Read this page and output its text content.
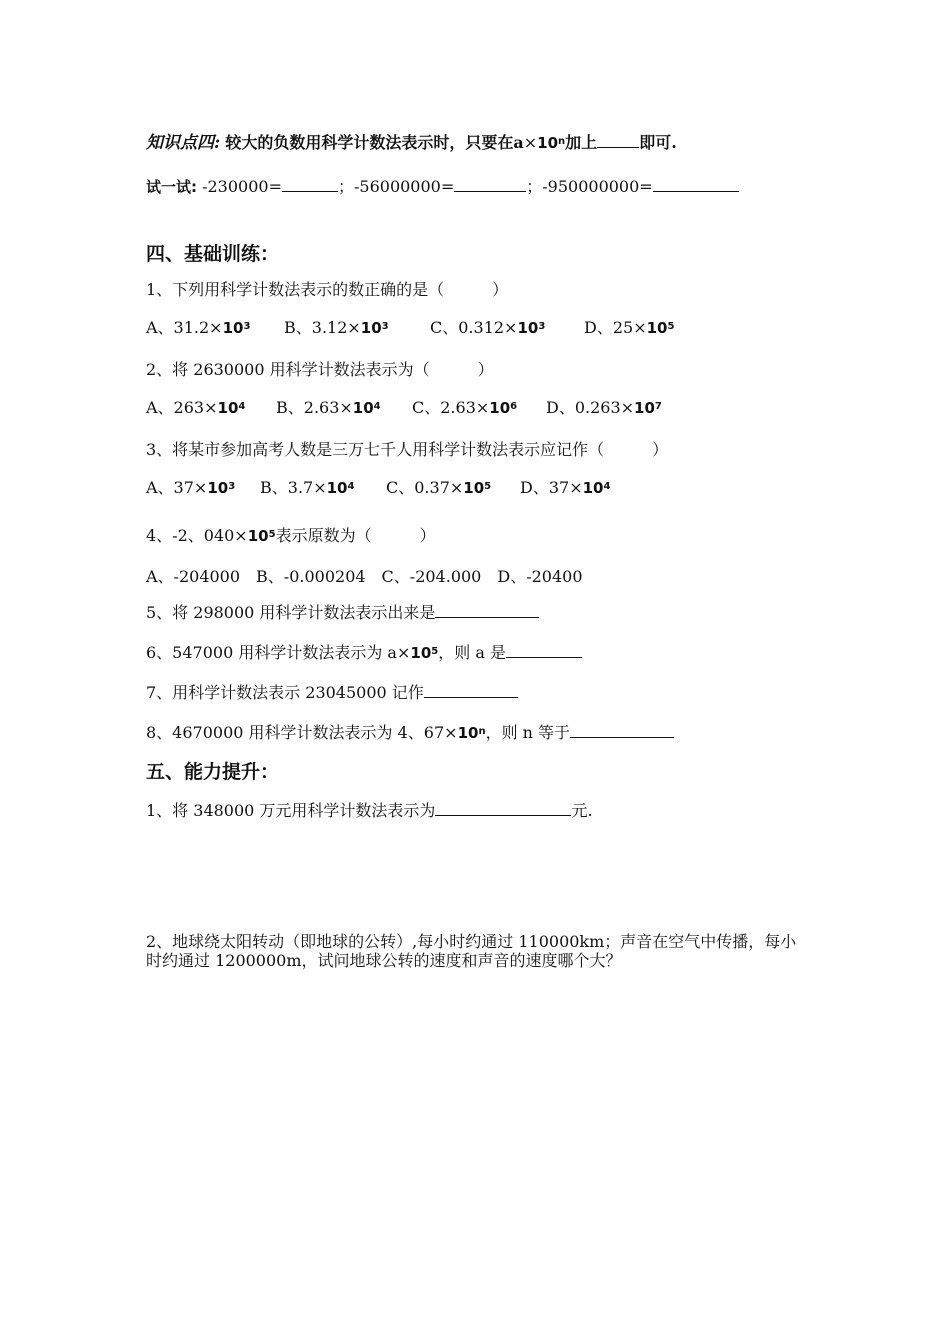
知识点四: 较大的负数用科学计数法表示时，只要在$a\times 10^n$加上	即可.
试一试: -230000=	；-56000000=	；-950000000=
四、基础训练：
1、下列用科学计数法表示的数正确的是（　　　）
A、$31.2\times 10^3$ B、$3.12\times 10^3$	C、$0.312\times 10^3$ D、$25\times 10^5$
2、将 2630000 用科学计数法表示为（　　　）
A、$263\times 10^4$ B、$2.63\times 10^4$ C、$2.63\times 10^6$ D、$0.263\times 10^7$
3、将某市参加高考人数是三万七千人用科学计数法表示应记作（　　　）
A、$37\times 10^3$ B、$3.7\times 10^4$ C、$0.37\times 10^5$ D、$37\times 10^4$
4、-2、$040\times 10^5$表示原数为（　　　）
A、-204000　B、-0.000204　C、-204.000　D、-20400
5、将 298000 用科学计数法表示出来是
6、547000 用科学计数法表示为 $a\times 10^5$，则 a 是
7、用科学计数法表示 23045000 记作
8、4670000 用科学计数法表示为 4、$67\times 10^n$，则 n 等于
五、能力提升：
1、将 348000 万元用科学计数法表示为	元.
2、地球绕太阳转动（即地球的公转）,每小时约通过 110000km；声音在空气中传播，每小时约通过 1200000m，试问地球公转的速度和声音的速度哪个大？
